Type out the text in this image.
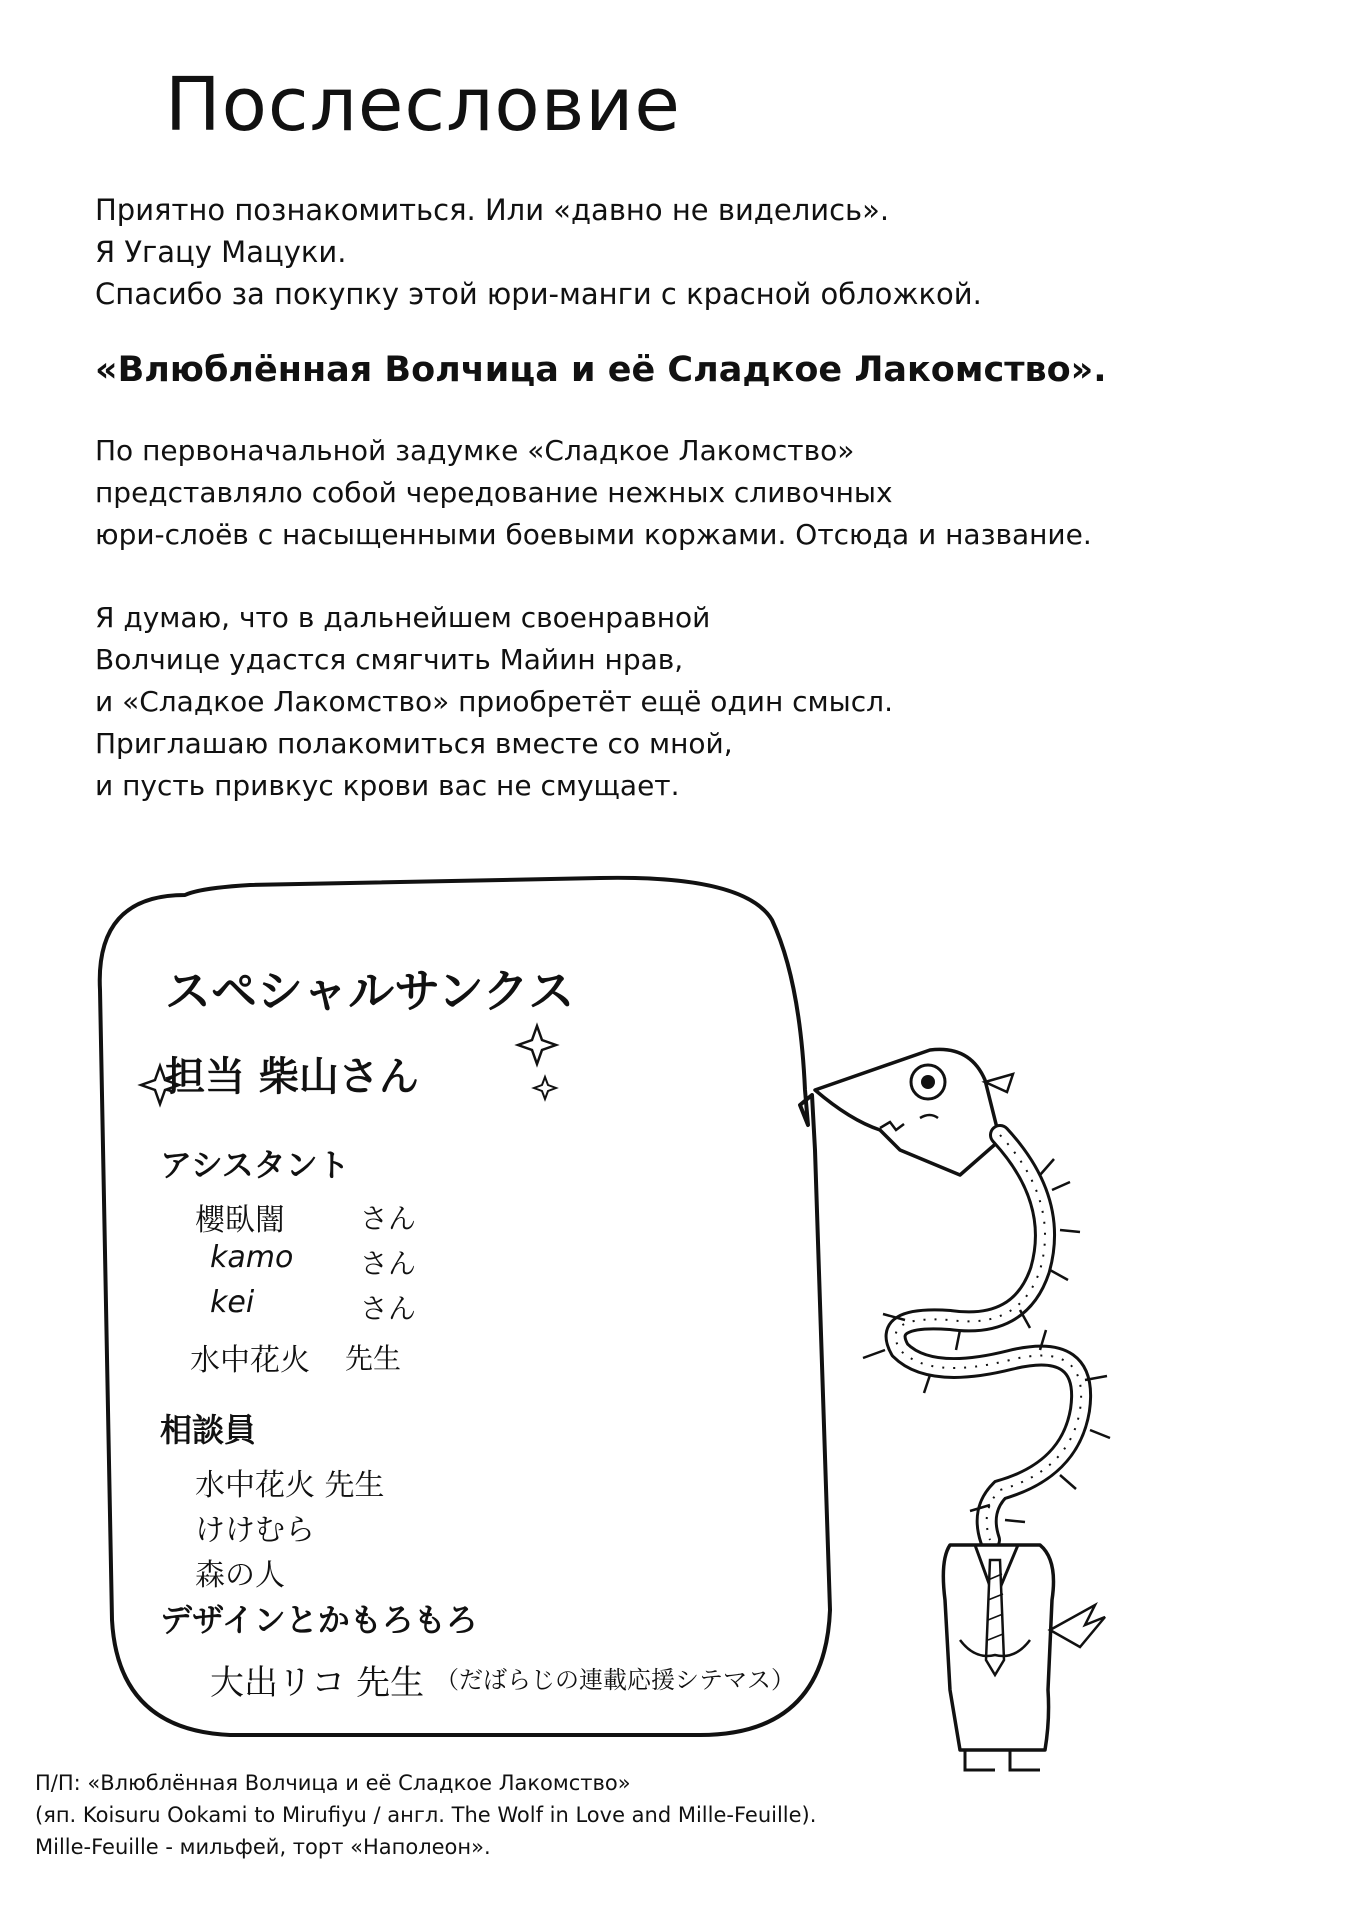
Послесловие
Приятно познакомиться. Или «давно не виделись».
Я Угацу Мацуки.
Спасибо за покупку этой юри-манги с красной обложкой.
«Влюблённая Волчица и её Сладкое Лакомство».
По первоначальной задумке «Сладкое Лакомство»
представляло собой чередование нежных сливочных
юри-слоёв с насыщенными боевыми коржами. Отсюда и название.
Я думаю, что в дальнейшем своенравной
Волчице удастся смягчить Майин нрав,
и «Сладкое Лакомство» приобретёт ещё один смысл.
Приглашаю полакомиться вместе со мной,
и пусть привкус крови вас не смущает.
スペシャルサンクス
担当 柴山さん
アシスタント
櫻臥闇	さん
kamo さん
kei	さん
水中花火 先生
相談員
水中花火 先生
けけむら
森の人
デザインとかもろもろ
大出リコ 先生 （だばらじの連載応援シテマス）
П/П: «Влюблённая Волчица и её Сладкое Лакомство»
(яп. Koisuru Ookami to Mirufiyu / англ. The Wolf in Love and Mille-Feuille).
Mille-Feuille - мильфей, торт «Наполеон».
